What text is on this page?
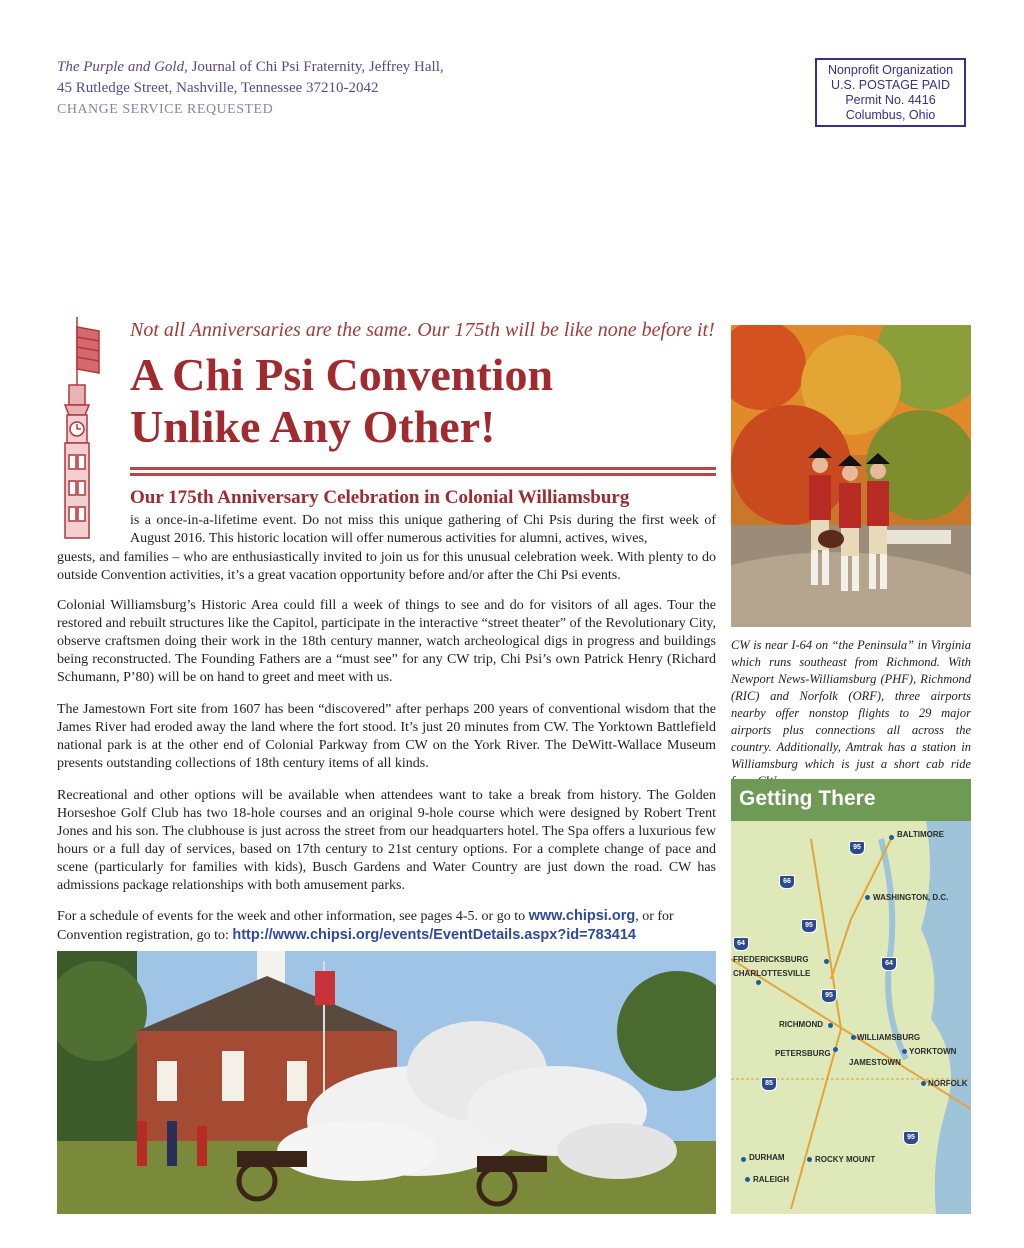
The Purple and Gold, Journal of Chi Psi Fraternity, Jeffrey Hall,
45 Rutledge Street, Nashville, Tennessee 37210-2042
CHANGE SERVICE REQUESTED
Nonprofit Organization
U.S. POSTAGE PAID
Permit No. 4416
Columbus, Ohio
Not all Anniversaries are the same. Our 175th will be like none before it!
A Chi Psi Convention
Unlike Any Other!
Our 175th Anniversary Celebration in Colonial Williamsburg

is a once-in-a-lifetime event. Do not miss this unique gathering of Chi Psis during the first week of August 2016. This historic location will offer numerous activities for alumni, actives, wives,

guests, and families – who are enthusiastically invited to join us for this unusual celebration week. With plenty to do outside Convention activities, it’s a great vacation opportunity before and/or after the Chi Psi events.

Colonial Williamsburg’s Historic Area could fill a week of things to see and do for visitors of all ages. Tour the restored and rebuilt structures like the Capitol, participate in the interactive “street theater” of the Revolutionary City, observe craftsmen doing their work in the 18th century manner, watch archeological digs in progress and buildings being reconstructed. The Founding Fathers are a “must see” for any CW trip, Chi Psi’s own Patrick Henry (Richard Schumann, P’80) will be on hand to greet and meet with us.

The Jamestown Fort site from 1607 has been “discovered” after perhaps 200 years of conventional wisdom that the James River had eroded away the land where the fort stood. It’s just 20 minutes from CW. The Yorktown Battlefield national park is at the other end of Colonial Parkway from CW on the York River. The DeWitt-Wallace Museum presents outstanding collections of 18th century items of all kinds.

Recreational and other options will be available when attendees want to take a break from history. The Golden Horseshoe Golf Club has two 18-hole courses and an original 9-hole course which were designed by Robert Trent Jones and his son. The clubhouse is just across the street from our headquarters hotel. The Spa offers a luxurious few hours or a full day of services, based on 17th century to 21st century options. For a complete change of pace and scene (particularly for families with kids), Busch Gardens and Water Country are just down the road. CW has admissions package relationships with both amusement parks.

For a schedule of events for the week and other information, see pages 4-5. or go to www.chipsi.org, or for Convention registration, go to: http://www.chipsi.org/events/EventDetails.aspx?id=783414

CW is near I-64 on “the Peninsula” in Virginia which runs southeast from Richmond. With Newport News-Williamsburg (PHF), Richmond (RIC) and Norfolk (ORF), three airports nearby offer nonstop flights to 29 major airports plus connections all across the country. Additionally, Amtrak has a station in Williamsburg which is just a short cab ride

Getting There
BALTIMORE
WASHINGTON, D.C.
FREDERICKSBURG
CHARLOTTESVILLE
RICHMOND
WILLIAMSBURG
PETERSBURG	YORKTOWN
JAMESTOWN
NORFOLK
DURHAM	ROCKY MOUNT
RALEIGH
95
66
95
64
85
64
95
95
